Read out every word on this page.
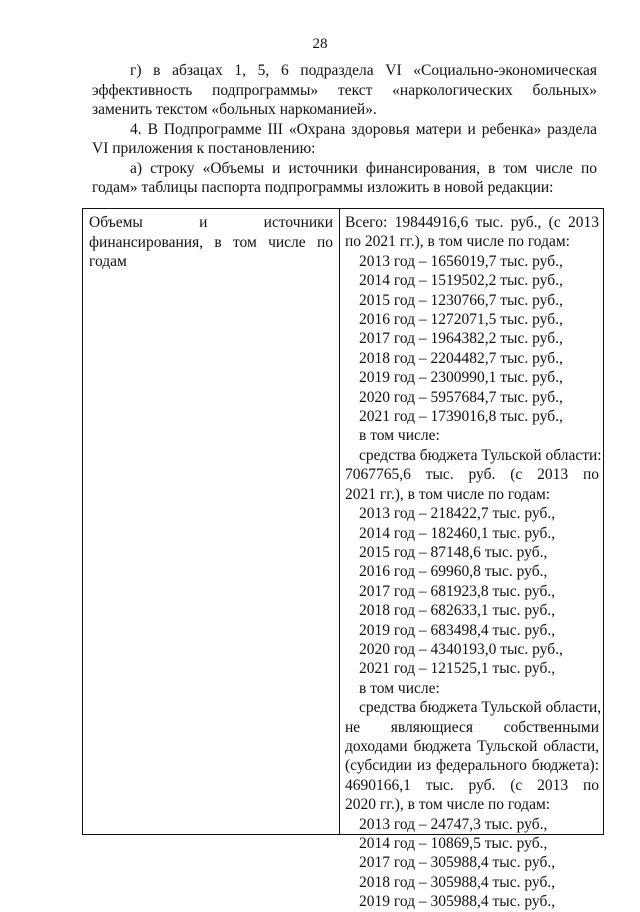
28

г) в абзацах 1, 5, 6 подраздела VI «Социально-экономическая эффективность подпрограммы» текст «наркологических больных» заменить текстом «больных наркоманией».

4. В Подпрограмме III «Охрана здоровья матери и ребенка» раздела VI приложения к постановлению:

а) строку «Объемы и источники финансирования, в том числе по годам» таблицы паспорта подпрограммы изложить в новой редакции:

Объемы и источники финансирования, в том числе по годам
Всего: 19844916,6 тыс. руб., (с 2013
по 2021 гг.), в том числе по годам:
2013 год – 1656019,7 тыс. руб.,
2014 год – 1519502,2 тыс. руб.,
2015 год – 1230766,7 тыс. руб.,
2016 год – 1272071,5 тыс. руб.,
2017 год – 1964382,2 тыс. руб.,
2018 год – 2204482,7 тыс. руб.,
2019 год – 2300990,1 тыс. руб.,
2020 год – 5957684,7 тыс. руб.,
2021 год – 1739016,8 тыс. руб.,
в том числе:
средства бюджета Тульской области:
7067765,6 тыс. руб. (с 2013 по
2021 гг.), в том числе по годам:
2013 год – 218422,7 тыс. руб.,
2014 год – 182460,1 тыс. руб.,
2015 год – 87148,6 тыс. руб.,
2016 год – 69960,8 тыс. руб.,
2017 год – 681923,8 тыс. руб.,
2018 год – 682633,1 тыс. руб.,
2019 год – 683498,4 тыс. руб.,
2020 год – 4340193,0 тыс. руб.,
2021 год – 121525,1 тыс. руб.,
в том числе:
средства бюджета Тульской области,
не являющиеся собственными
доходами бюджета Тульской области,
(субсидии из федерального бюджета):
4690166,1 тыс. руб. (с 2013 по
2020 гг.), в том числе по годам:
2013 год – 24747,3 тыс. руб.,
2014 год – 10869,5 тыс. руб.,
2017 год – 305988,4 тыс. руб.,
2018 год – 305988,4 тыс. руб.,
2019 год – 305988,4 тыс. руб.,
